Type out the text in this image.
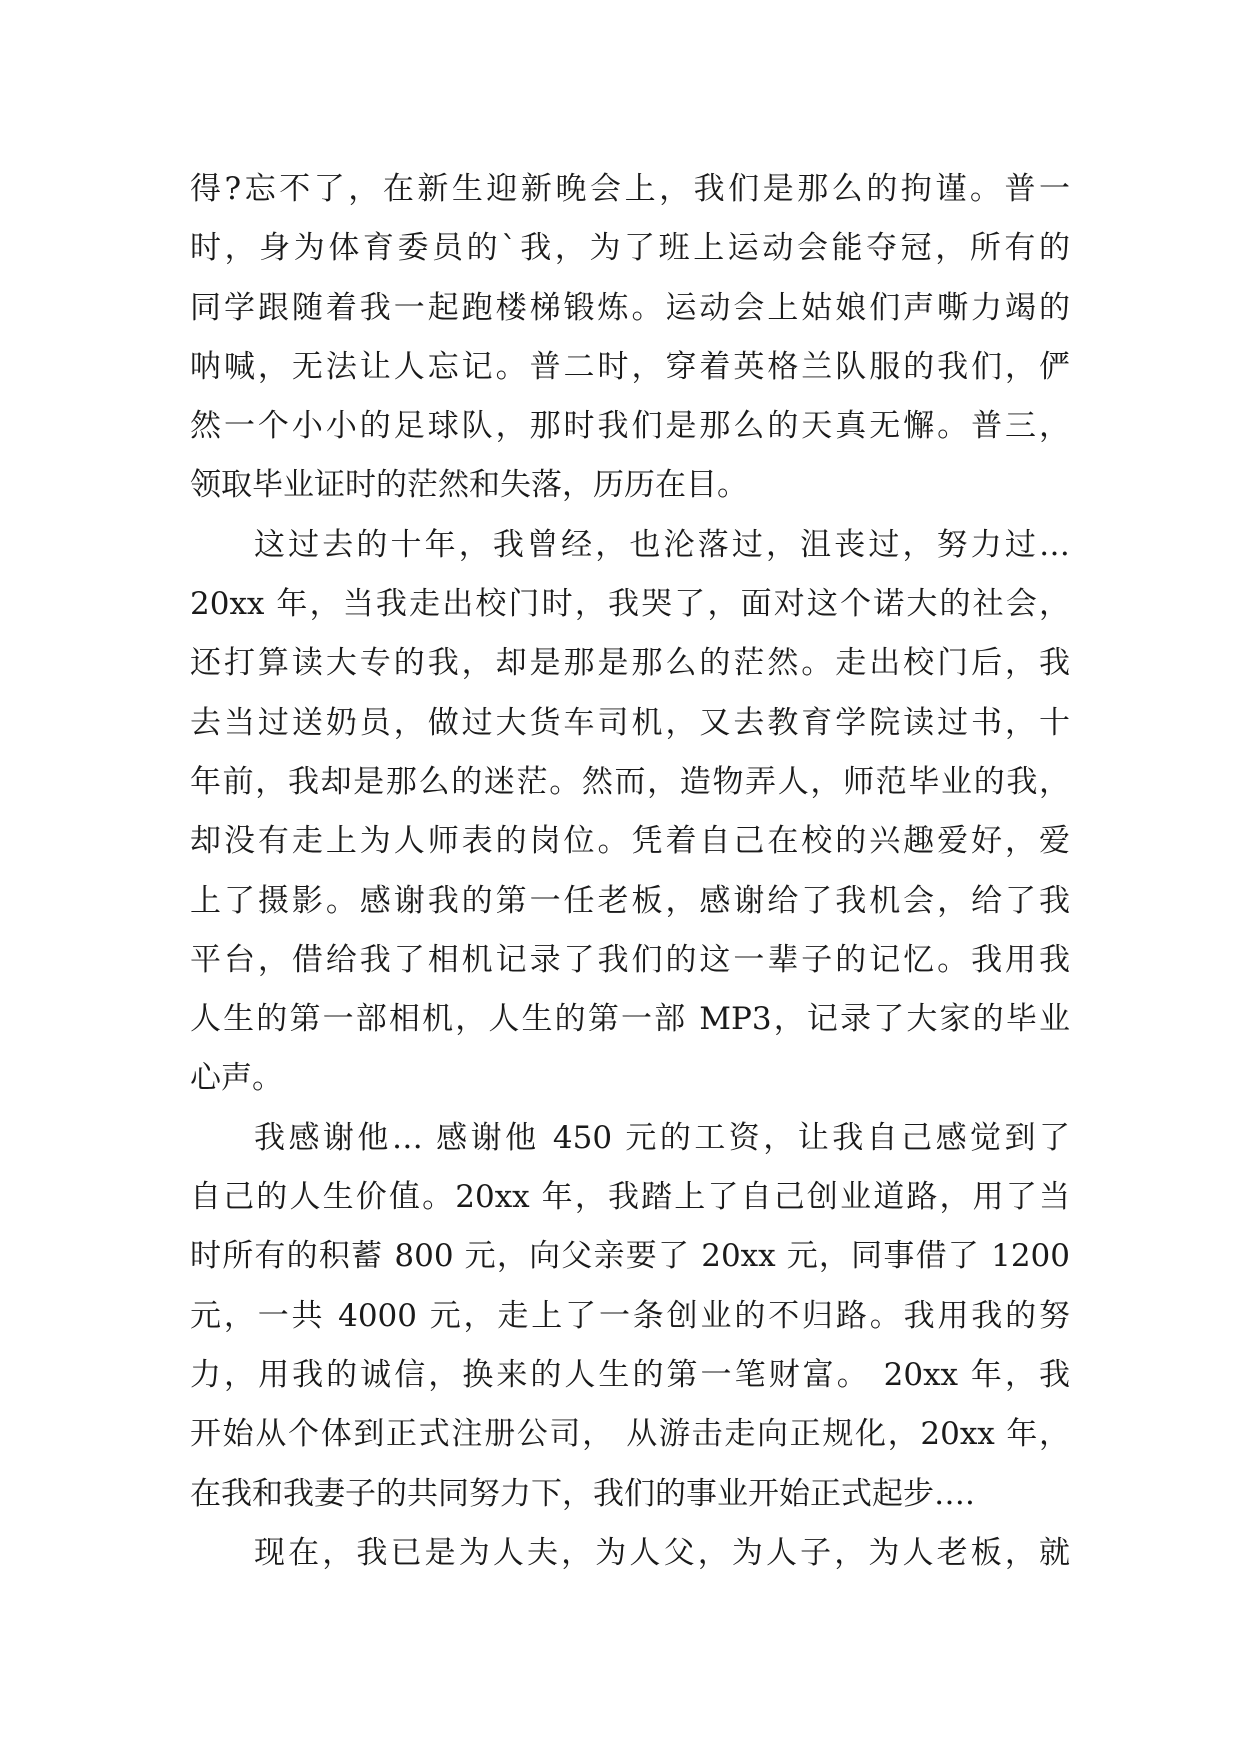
得?忘不了，在新生迎新晚会上，我们是那么的拘谨。普一
时，身为体育委员的`我，为了班上运动会能夺冠，所有的
同学跟随着我一起跑楼梯锻炼。运动会上姑娘们声嘶力竭的
呐喊，无法让人忘记。普二时，穿着英格兰队服的我们，俨
然一个小小的足球队，那时我们是那么的天真无懈。普三，
领取毕业证时的茫然和失落，历历在目。
这过去的十年，我曾经，也沦落过，沮丧过，努力过…
20xx 年，当我走出校门时，我哭了，面对这个诺大的社会，
还打算读大专的我，却是那是那么的茫然。走出校门后，我
去当过送奶员，做过大货车司机，又去教育学院读过书，十
年前，我却是那么的迷茫。然而，造物弄人，师范毕业的我，
却没有走上为人师表的岗位。凭着自己在校的兴趣爱好，爱
上了摄影。感谢我的第一任老板，感谢给了我机会，给了我
平台，借给我了相机记录了我们的这一辈子的记忆。我用我
人生的第一部相机，人生的第一部 MP3，记录了大家的毕业
心声。
我感谢他… 感谢他 450 元的工资，让我自己感觉到了
自己的人生价值。20xx 年，我踏上了自己创业道路，用了当
时所有的积蓄 800 元，向父亲要了 20xx 元，同事借了 1200
元，一共 4000 元，走上了一条创业的不归路。我用我的努
力，用我的诚信，换来的人生的第一笔财富。 20xx 年，我
开始从个体到正式注册公司， 从游击走向正规化，20xx 年，
在我和我妻子的共同努力下，我们的事业开始正式起步….
现在，我已是为人夫，为人父，为人子，为人老板，就
